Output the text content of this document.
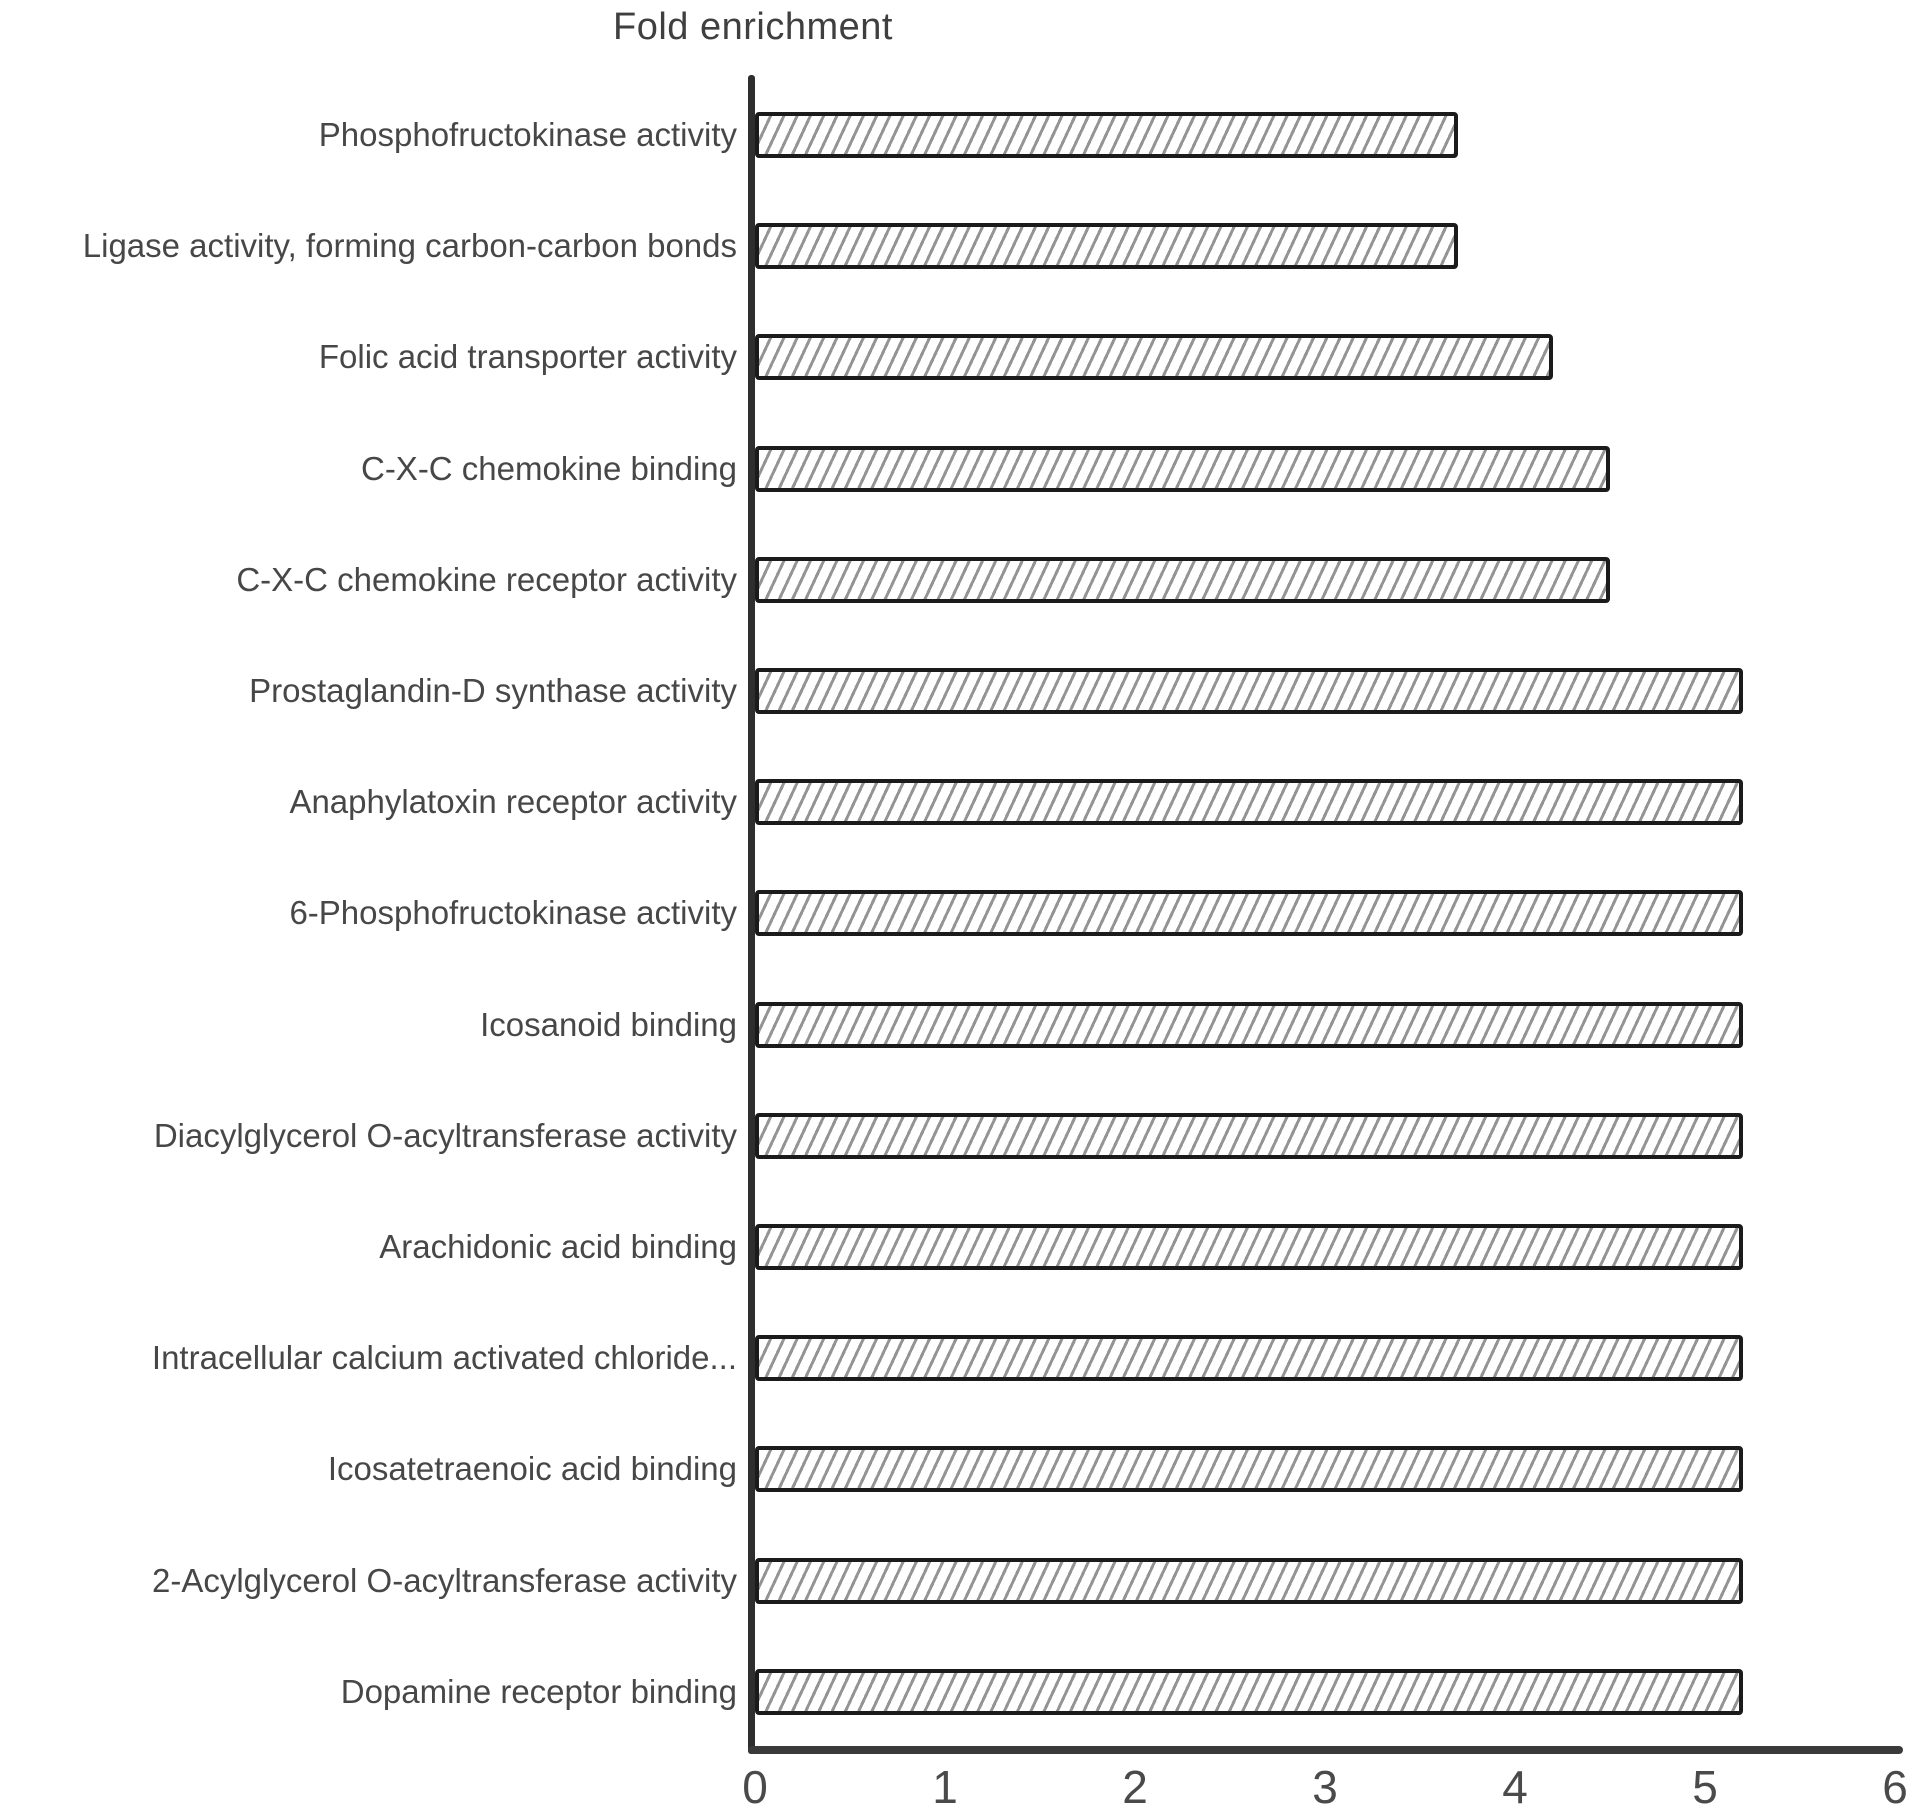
Fold enrichment
Phosphofructokinase activity
Ligase activity, forming carbon-carbon bonds
Folic acid transporter activity
C-X-C chemokine binding
C-X-C chemokine receptor activity
Prostaglandin-D synthase activity
Anaphylatoxin receptor activity
6-Phosphofructokinase activity
Icosanoid binding
Diacylglycerol O-acyltransferase activity
Arachidonic acid binding
Intracellular calcium activated chloride...
Icosatetraenoic acid binding
2-Acylglycerol O-acyltransferase activity
Dopamine receptor binding
0	1	2	3	4	5	6
